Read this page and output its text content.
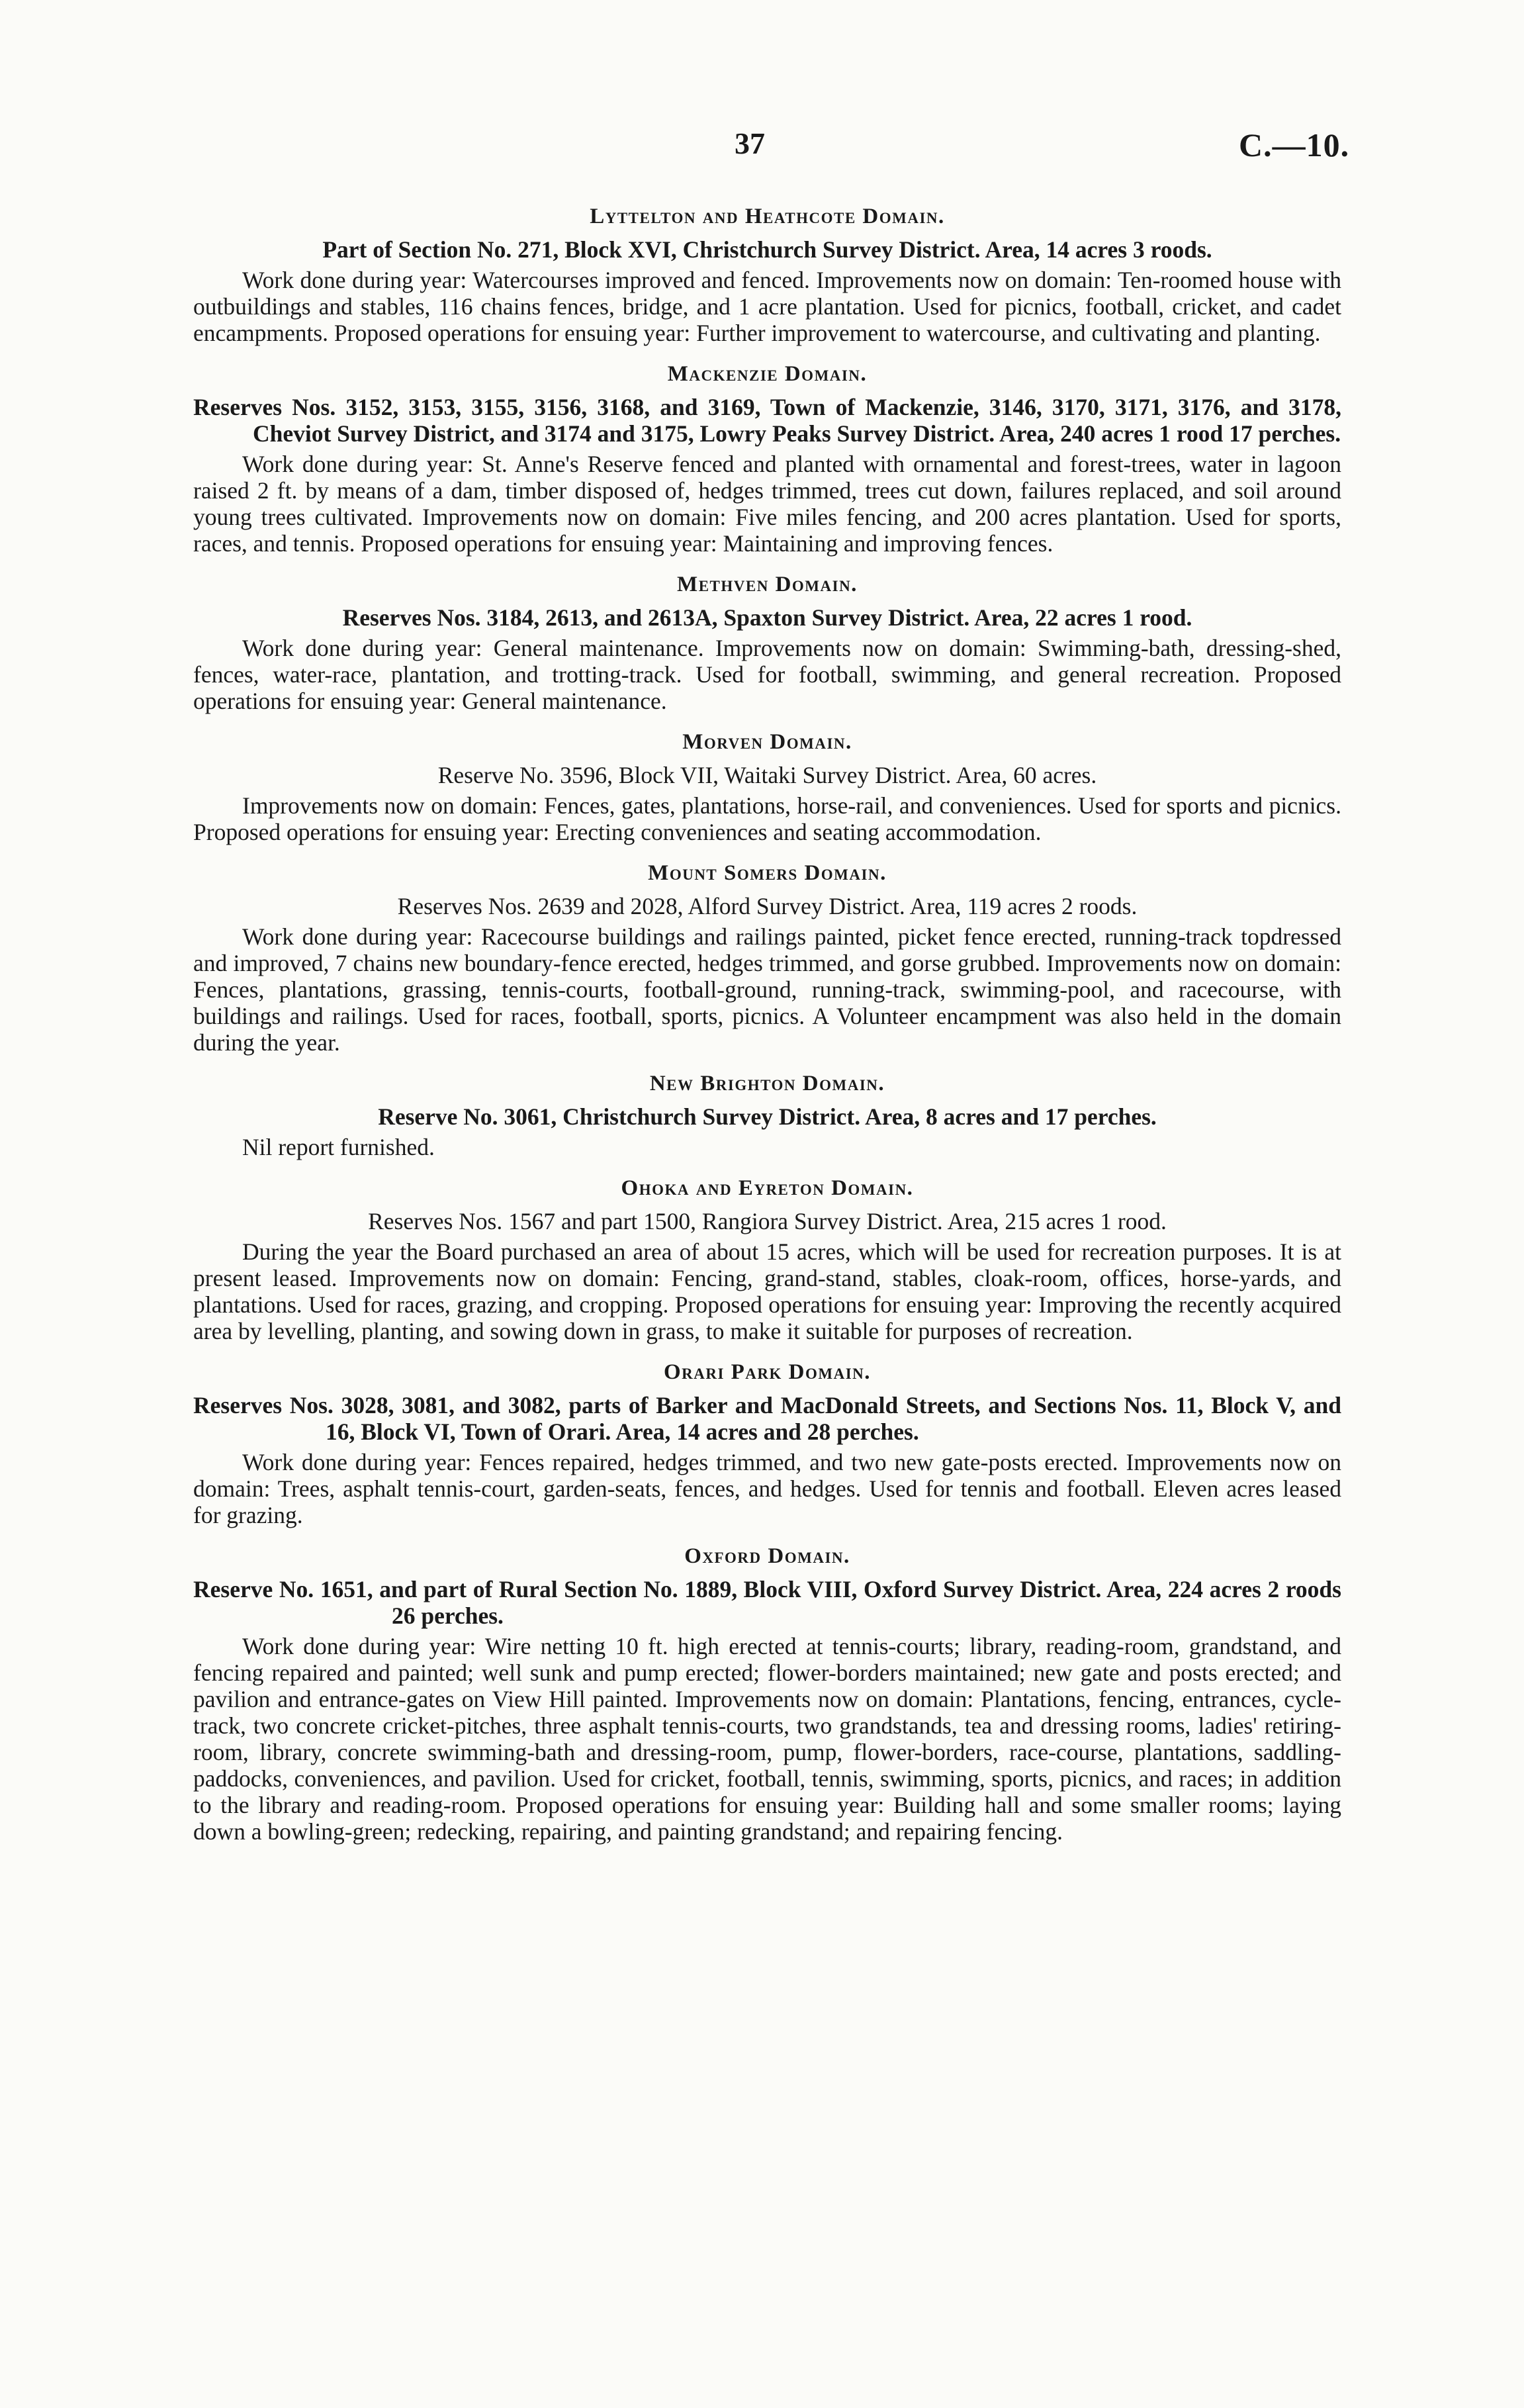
37	C.—10.
Lyttelton and Heathcote Domain.
Part of Section No. 271, Block XVI, Christchurch Survey District. Area, 14 acres 3 roods.
Work done during year: Watercourses improved and fenced. Improvements now on domain: Ten-roomed house with outbuildings and stables, 116 chains fences, bridge, and 1 acre plantation. Used for picnics, football, cricket, and cadet encampments. Proposed operations for ensuing year: Further improvement to watercourse, and cultivating and planting.
Mackenzie Domain.
Reserves Nos. 3152, 3153, 3155, 3156, 3168, and 3169, Town of Mackenzie, 3146, 3170, 3171, 3176, and 3178, Cheviot Survey District, and 3174 and 3175, Lowry Peaks Survey District. Area, 240 acres 1 rood 17 perches.
Work done during year: St. Anne's Reserve fenced and planted with ornamental and forest-trees, water in lagoon raised 2 ft. by means of a dam, timber disposed of, hedges trimmed, trees cut down, failures replaced, and soil around young trees cultivated. Improvements now on domain: Five miles fencing, and 200 acres plantation. Used for sports, races, and tennis. Proposed operations for ensuing year: Maintaining and improving fences.
Methven Domain.
Reserves Nos. 3184, 2613, and 2613A, Spaxton Survey District. Area, 22 acres 1 rood.
Work done during year: General maintenance. Improvements now on domain: Swimming-bath, dressing-shed, fences, water-race, plantation, and trotting-track. Used for football, swimming, and general recreation. Proposed operations for ensuing year: General maintenance.
Morven Domain.
Reserve No. 3596, Block VII, Waitaki Survey District. Area, 60 acres.
Improvements now on domain: Fences, gates, plantations, horse-rail, and conveniences. Used for sports and picnics. Proposed operations for ensuing year: Erecting conveniences and seating accommodation.
Mount Somers Domain.
Reserves Nos. 2639 and 2028, Alford Survey District. Area, 119 acres 2 roods.
Work done during year: Racecourse buildings and railings painted, picket fence erected, running-track topdressed and improved, 7 chains new boundary-fence erected, hedges trimmed, and gorse grubbed. Improvements now on domain: Fences, plantations, grassing, tennis-courts, football-ground, running-track, swimming-pool, and racecourse, with buildings and railings. Used for races, football, sports, picnics. A Volunteer encampment was also held in the domain during the year.
New Brighton Domain.
Reserve No. 3061, Christchurch Survey District. Area, 8 acres and 17 perches.
Nil report furnished.
Ohoka and Eyreton Domain.
Reserves Nos. 1567 and part 1500, Rangiora Survey District. Area, 215 acres 1 rood.
During the year the Board purchased an area of about 15 acres, which will be used for recreation purposes. It is at present leased. Improvements now on domain: Fencing, grand-stand, stables, cloak-room, offices, horse-yards, and plantations. Used for races, grazing, and cropping. Proposed operations for ensuing year: Improving the recently acquired area by levelling, planting, and sowing down in grass, to make it suitable for purposes of recreation.
Orari Park Domain.
Reserves Nos. 3028, 3081, and 3082, parts of Barker and MacDonald Streets, and Sections Nos. 11, Block V, and 16, Block VI, Town of Orari. Area, 14 acres and 28 perches.
Work done during year: Fences repaired, hedges trimmed, and two new gate-posts erected. Improvements now on domain: Trees, asphalt tennis-court, garden-seats, fences, and hedges. Used for tennis and football. Eleven acres leased for grazing.
Oxford Domain.
Reserve No. 1651, and part of Rural Section No. 1889, Block VIII, Oxford Survey District. Area, 224 acres 2 roods 26 perches.
Work done during year: Wire netting 10 ft. high erected at tennis-courts; library, reading-room, grandstand, and fencing repaired and painted; well sunk and pump erected; flower-borders maintained; new gate and posts erected; and pavilion and entrance-gates on View Hill painted. Improvements now on domain: Plantations, fencing, entrances, cycle-track, two concrete cricket-pitches, three asphalt tennis-courts, two grandstands, tea and dressing rooms, ladies' retiring-room, library, concrete swimming-bath and dressing-room, pump, flower-borders, race-course, plantations, saddling-paddocks, conveniences, and pavilion. Used for cricket, football, tennis, swimming, sports, picnics, and races; in addition to the library and reading-room. Proposed operations for ensuing year: Building hall and some smaller rooms; laying down a bowling-green; redecking, repairing, and painting grandstand; and repairing fencing.
